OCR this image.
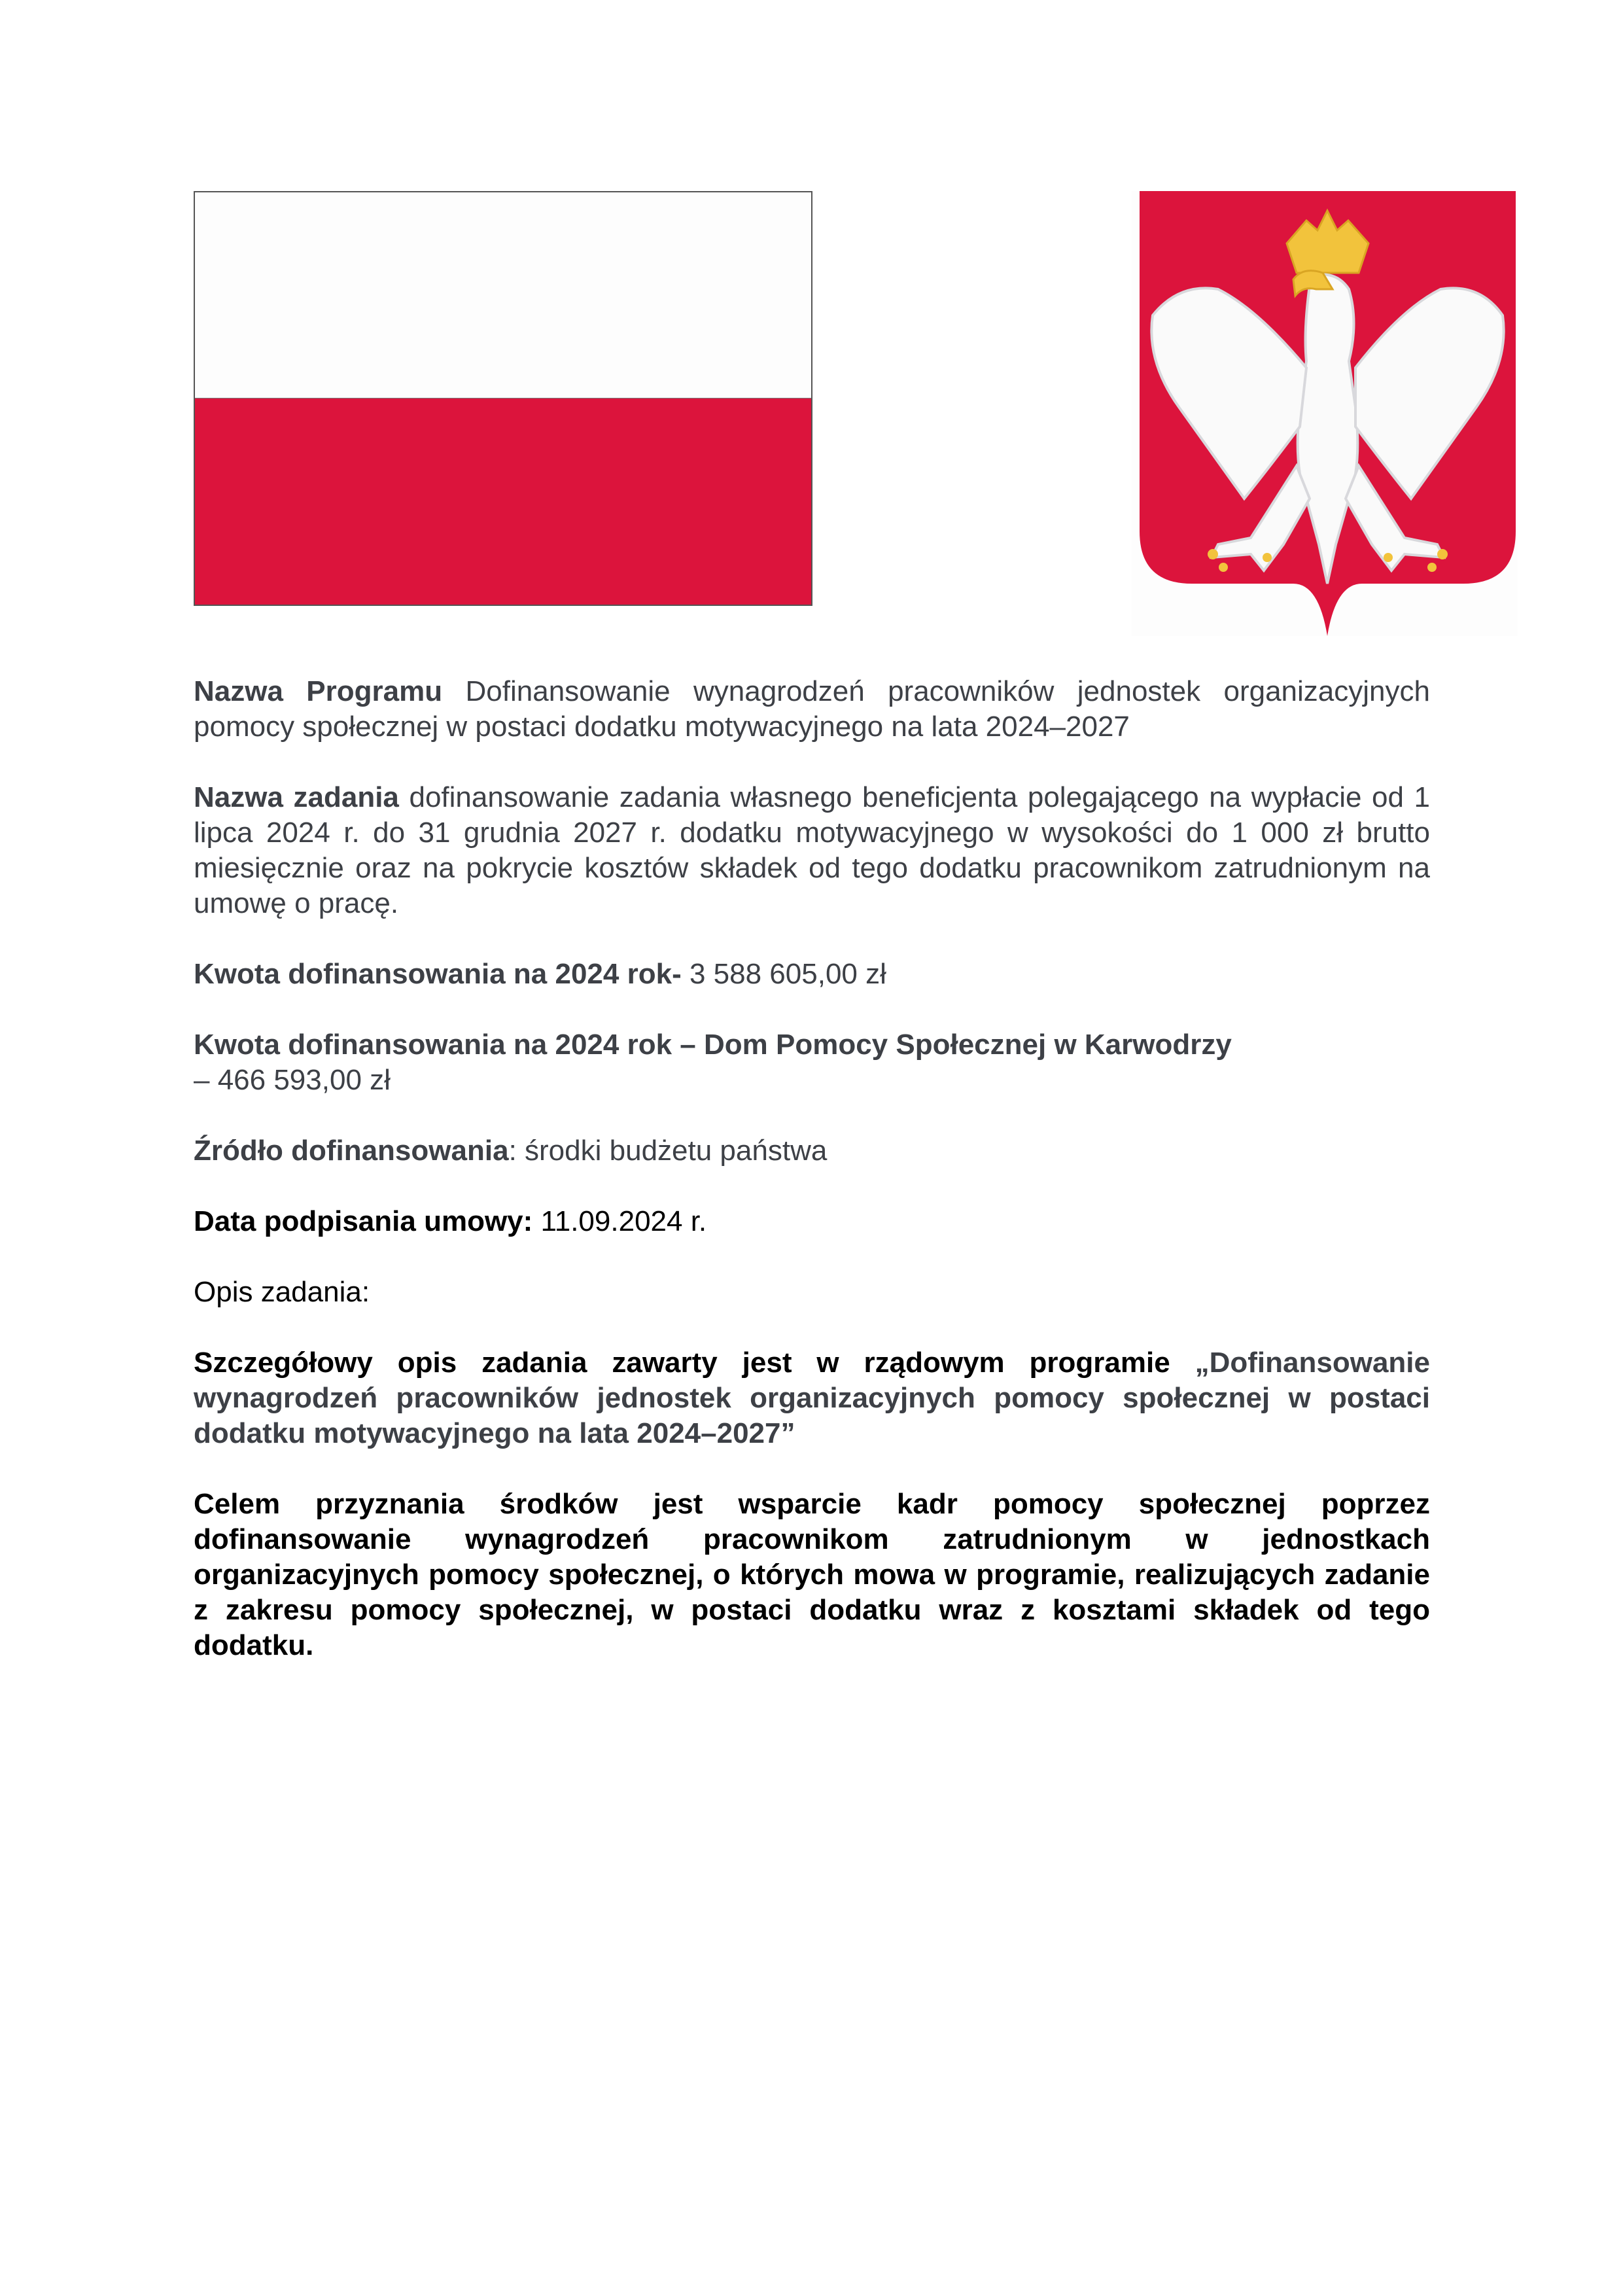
Nazwa Programu Dofinansowanie wynagrodzeń pracowników jednostek organizacyjnych pomocy społecznej w postaci dodatku motywacyjnego na lata 2024–2027

Nazwa zadania dofinansowanie zadania własnego beneficjenta polegającego na wypłacie od 1 lipca 2024 r. do 31 grudnia 2027 r. dodatku motywacyjnego w wysokości do 1 000 zł brutto miesięcznie oraz na pokrycie kosztów składek od tego dodatku pracownikom zatrudnionym na umowę o pracę.

Kwota dofinansowania na 2024 rok- 3 588 605,00 zł

Kwota dofinansowania na 2024 rok – Dom Pomocy Społecznej w Karwodrzy
– 466 593,00 zł

Źródło dofinansowania: środki budżetu państwa

Data podpisania umowy: 11.09.2024 r.

Opis zadania:

Szczegółowy opis zadania zawarty jest w rządowym programie „Dofinansowanie wynagrodzeń pracowników jednostek organizacyjnych pomocy społecznej w postaci dodatku motywacyjnego na lata 2024–2027”

Celem przyznania środków jest wsparcie kadr pomocy społecznej poprzez dofinansowanie wynagrodzeń pracownikom zatrudnionym w jednostkach organizacyjnych pomocy społecznej, o których mowa w programie, realizujących zadanie z zakresu pomocy społecznej, w postaci dodatku wraz z kosztami składek od tego dodatku.
